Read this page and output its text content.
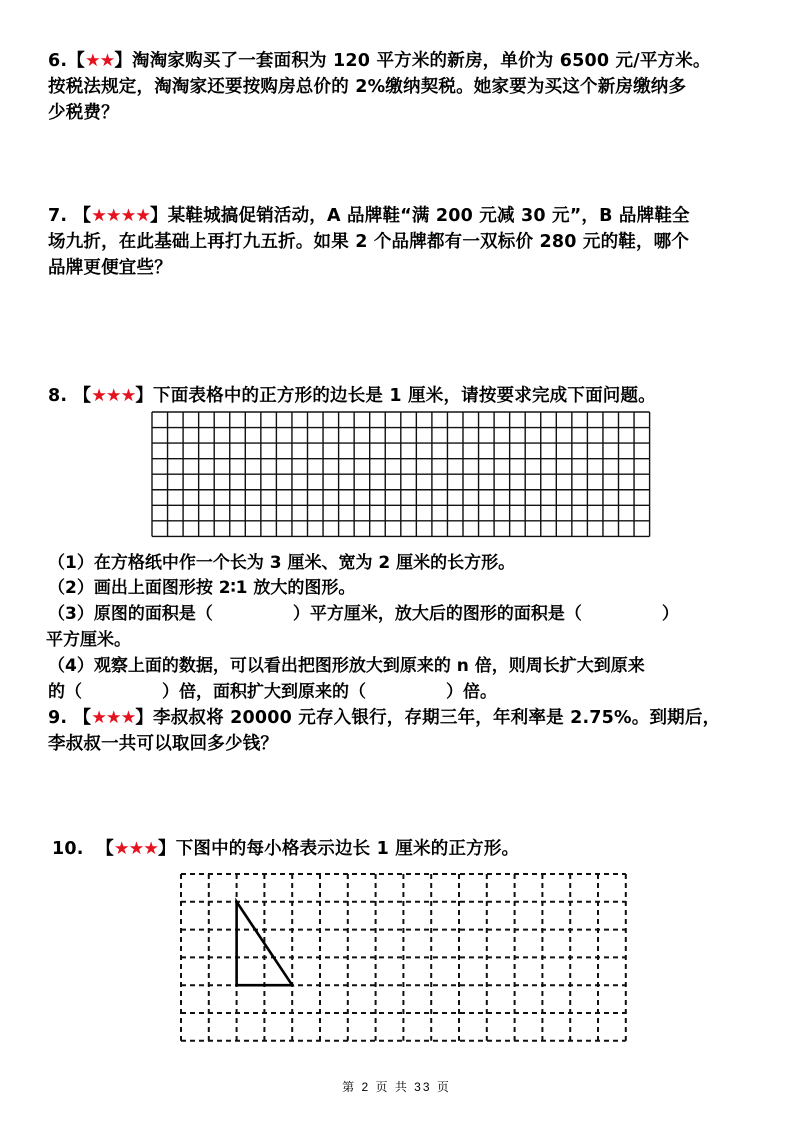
6.【★★】淘淘家购买了一套面积为 120 平方米的新房，单价为 6500 元/平方米。
按税法规定，淘淘家还要按购房总价的 2%缴纳契税。她家要为买这个新房缴纳多
少税费？
7. 【★★★★】某鞋城搞促销活动，A 品牌鞋“满 200 元减 30 元”，B 品牌鞋全
场九折，在此基础上再打九五折。如果 2 个品牌都有一双标价 280 元的鞋，哪个
品牌更便宜些？
8. 【★★★】下面表格中的正方形的边长是 1 厘米，请按要求完成下面问题。
（1）在方格纸中作一个长为 3 厘米、宽为 2 厘米的长方形。
（2）画出上面图形按 2∶1 放大的图形。
（3）原图的面积是（	）平方厘米，放大后的图形的面积是（	）
平方厘米。
（4）观察上面的数据，可以看出把图形放大到原来的 n 倍，则周长扩大到原来
的（	）倍，面积扩大到原来的（	）倍。
9. 【★★★】李叔叔将 20000 元存入银行，存期三年，年利率是 2.75%。到期后，
李叔叔一共可以取回多少钱？
10. 【★★★】下图中的每小格表示边长 1 厘米的正方形。
第 2 页 共 33 页
